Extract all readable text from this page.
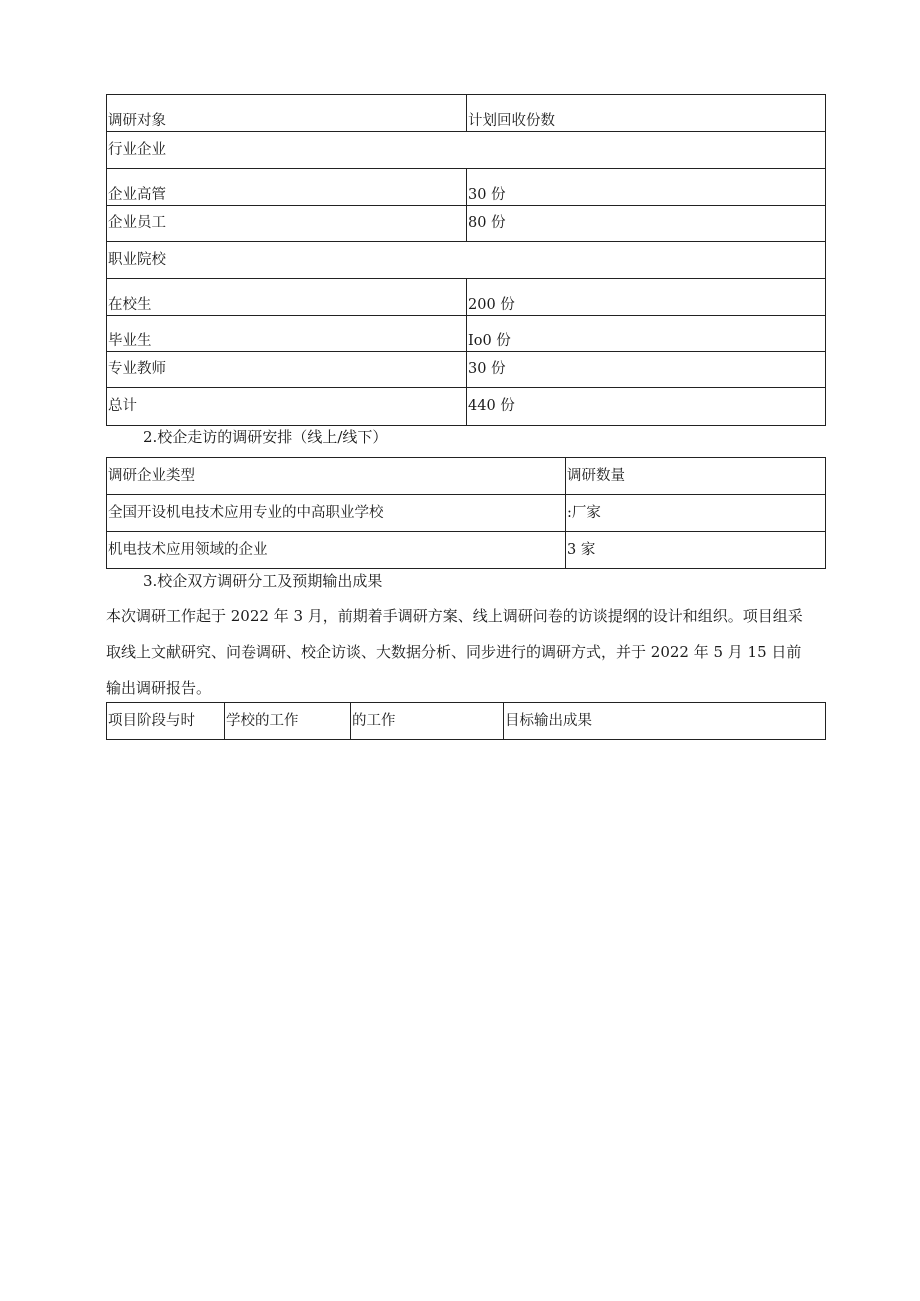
调研对象	计划回收份数
行业企业	
企业高管	30 份
企业员工	80 份
职业院校	
在校生	200 份
毕业生	Io0 份
专业教师	30 份
总计	440 份
2.校企走访的调研安排（线上/线下）
调研企业类型	调研数量
全国开设机电技术应用专业的中高职业学校	:厂家
机电技术应用领域的企业	3 家
3.校企双方调研分工及预期输出成果
本次调研工作起于 2022 年 3 月，前期着手调研方案、线上调研问卷的访谈提纲的设计和组织。项目组采
取线上文献研究、问卷调研、校企访谈、大数据分析、同步进行的调研方式，并于 2022 年 5 月 15 日前
输出调研报告。
项目阶段与时	学校的工作	的工作	目标输出成果
